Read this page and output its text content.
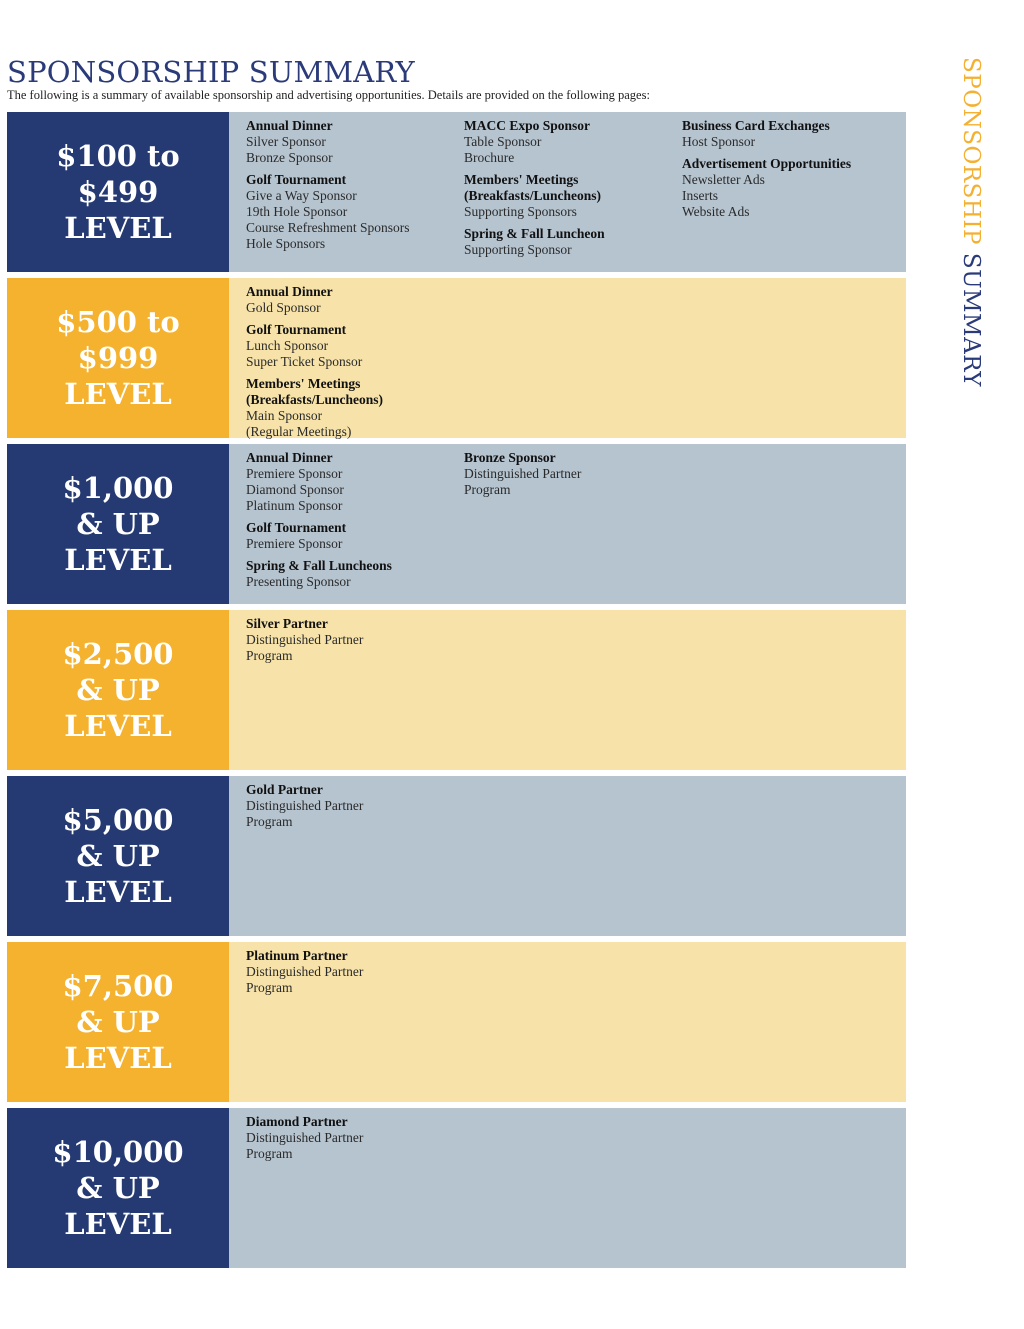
SPONSORSHIP SUMMARY

The following is a summary of available sponsorship and advertising opportunities. Details are provided on the following pages:	SPONSORSHIP SUMMARY
$100 to
$499
LEVEL
Annual Dinner
Silver Sponsor
Bronze Sponsor
Golf Tournament
Give a Way Sponsor
19th Hole Sponsor
Course Refreshment Sponsors
Hole Sponsors
MACC Expo Sponsor
Table Sponsor
Brochure
Members' Meetings
(Breakfasts/Luncheons)
Supporting Sponsors
Spring & Fall Luncheon
Supporting Sponsor
Business Card Exchanges
Host Sponsor
Advertisement Opportunities
Newsletter Ads
Inserts
Website Ads
$500 to
$999
LEVEL
Annual Dinner
Gold Sponsor
Golf Tournament
Lunch Sponsor
Super Ticket Sponsor
Members' Meetings
(Breakfasts/Luncheons)
Main Sponsor
(Regular Meetings)
$1,000
& UP
LEVEL
Annual Dinner
Premiere Sponsor
Diamond Sponsor
Platinum Sponsor
Golf Tournament
Premiere Sponsor
Spring & Fall Luncheons
Presenting Sponsor
Bronze Sponsor
Distinguished Partner
Program
$2,500
& UP
LEVEL
Silver Partner
Distinguished Partner
Program
$5,000
& UP
LEVEL
Gold Partner
Distinguished Partner
Program
$7,500
& UP
LEVEL
Platinum Partner
Distinguished Partner
Program
$10,000
& UP
LEVEL
Diamond Partner
Distinguished Partner
Program
